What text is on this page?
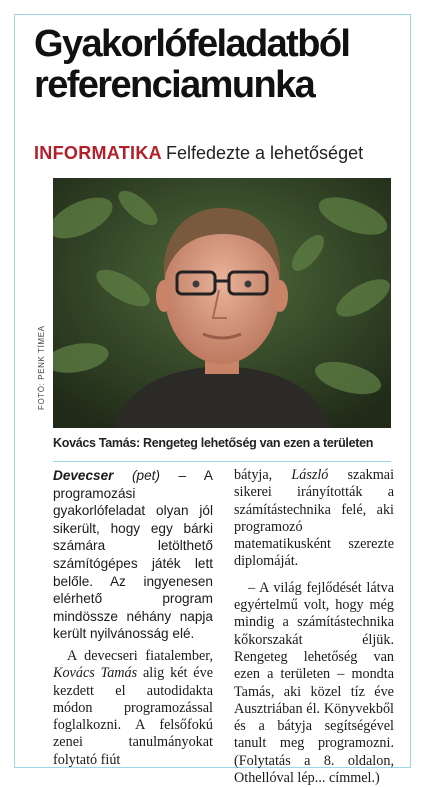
Gyakorlófeladatból referenciamunka
INFORMATIKA Felfedezte a lehetőséget
FOTÓ: PENK TÍMEA
Kovács Tamás: Rengeteg lehetőség van ezen a területen

Devecser (pet) – A programozási gyakorlófeladat olyan jól sikerült, hogy egy bárki számára letölthető számítógépes játék lett belőle. Az ingyenesen elérhető program mindössze néhány napja került nyilvánosság elé.

A devecseri fiatalember, Kovács Tamás alig két éve kezdett el autodidakta módon programozással foglalkozni. A felsőfokú zenei tanulmányokat folytató fiút

bátyja, László szakmai sikerei irányították a számítástechnika felé, aki programozó matematikusként szerezte diplomáját.
– A világ fejlődését látva egyértelmű volt, hogy még mindig a számítástechnika kőkorszakát éljük. Rengeteg lehetőség van ezen a területen – mondta Tamás, aki közel tíz éve Ausztriában él. Könyvekből és a bátyja segítségével tanult meg programozni. (Folytatás a 8. oldalon, Othellóval lép... címmel.)
